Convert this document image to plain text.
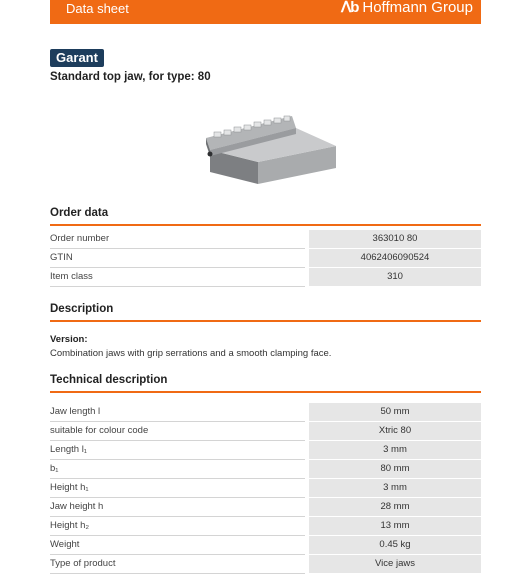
Data sheet	ᐱb Hoffmann Group
Garant
Standard top jaw, for type: 80
Order data
Order number	363010 80
GTIN	4062406090524
Item class	310
Description
Version:
Combination jaws with grip serrations and a smooth clamping face.
Technical description
Jaw length l	50 mm
suitable for colour code	Xtric 80
Length l₁	3 mm
b₁	80 mm
Height h₁	3 mm
Jaw height h	28 mm
Height h₂	13 mm
Weight	0.45 kg
Type of product	Vice jaws
